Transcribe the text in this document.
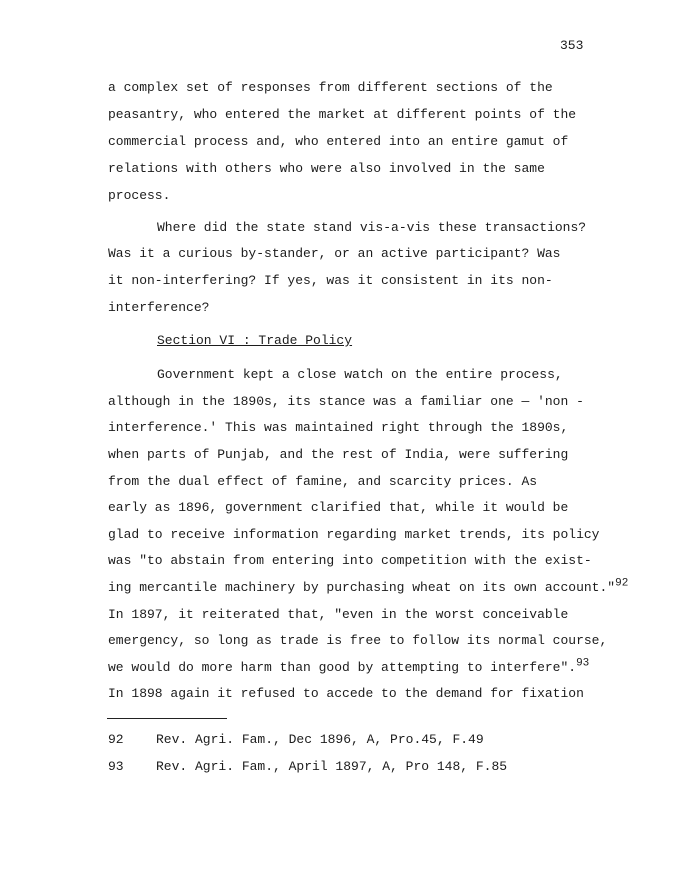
353
a complex set of responses from different sections of the
peasantry, who entered the market at different points of the
commercial process and, who entered into an entire gamut of
relations with others who were also involved in the same
process.
Where did the state stand vis-a-vis these transactions?
Was it a curious by-stander, or an active participant? Was
it non-interfering? If yes, was it consistent in its non-
interference?
Section VI : Trade Policy
Government kept a close watch on the entire process,
although in the 1890s, its stance was a familiar one — 'non -
interference.' This was maintained right through the 1890s,
when parts of Punjab, and the rest of India, were suffering
from the dual effect of famine, and scarcity prices. As
early as 1896, government clarified that, while it would be
glad to receive information regarding market trends, its policy
was "to abstain from entering into competition with the exist-
ing mercantile machinery by purchasing wheat on its own account."$^{92}$
In 1897, it reiterated that, "even in the worst conceivable
emergency, so long as trade is free to follow its normal course,
we would do more harm than good by attempting to interfere".$^{93}$
In 1898 again it refused to accede to the demand for fixation
92 Rev. Agri. Fam., Dec 1896, A, Pro.45, F.49
93 Rev. Agri. Fam., April 1897, A, Pro 148, F.85
